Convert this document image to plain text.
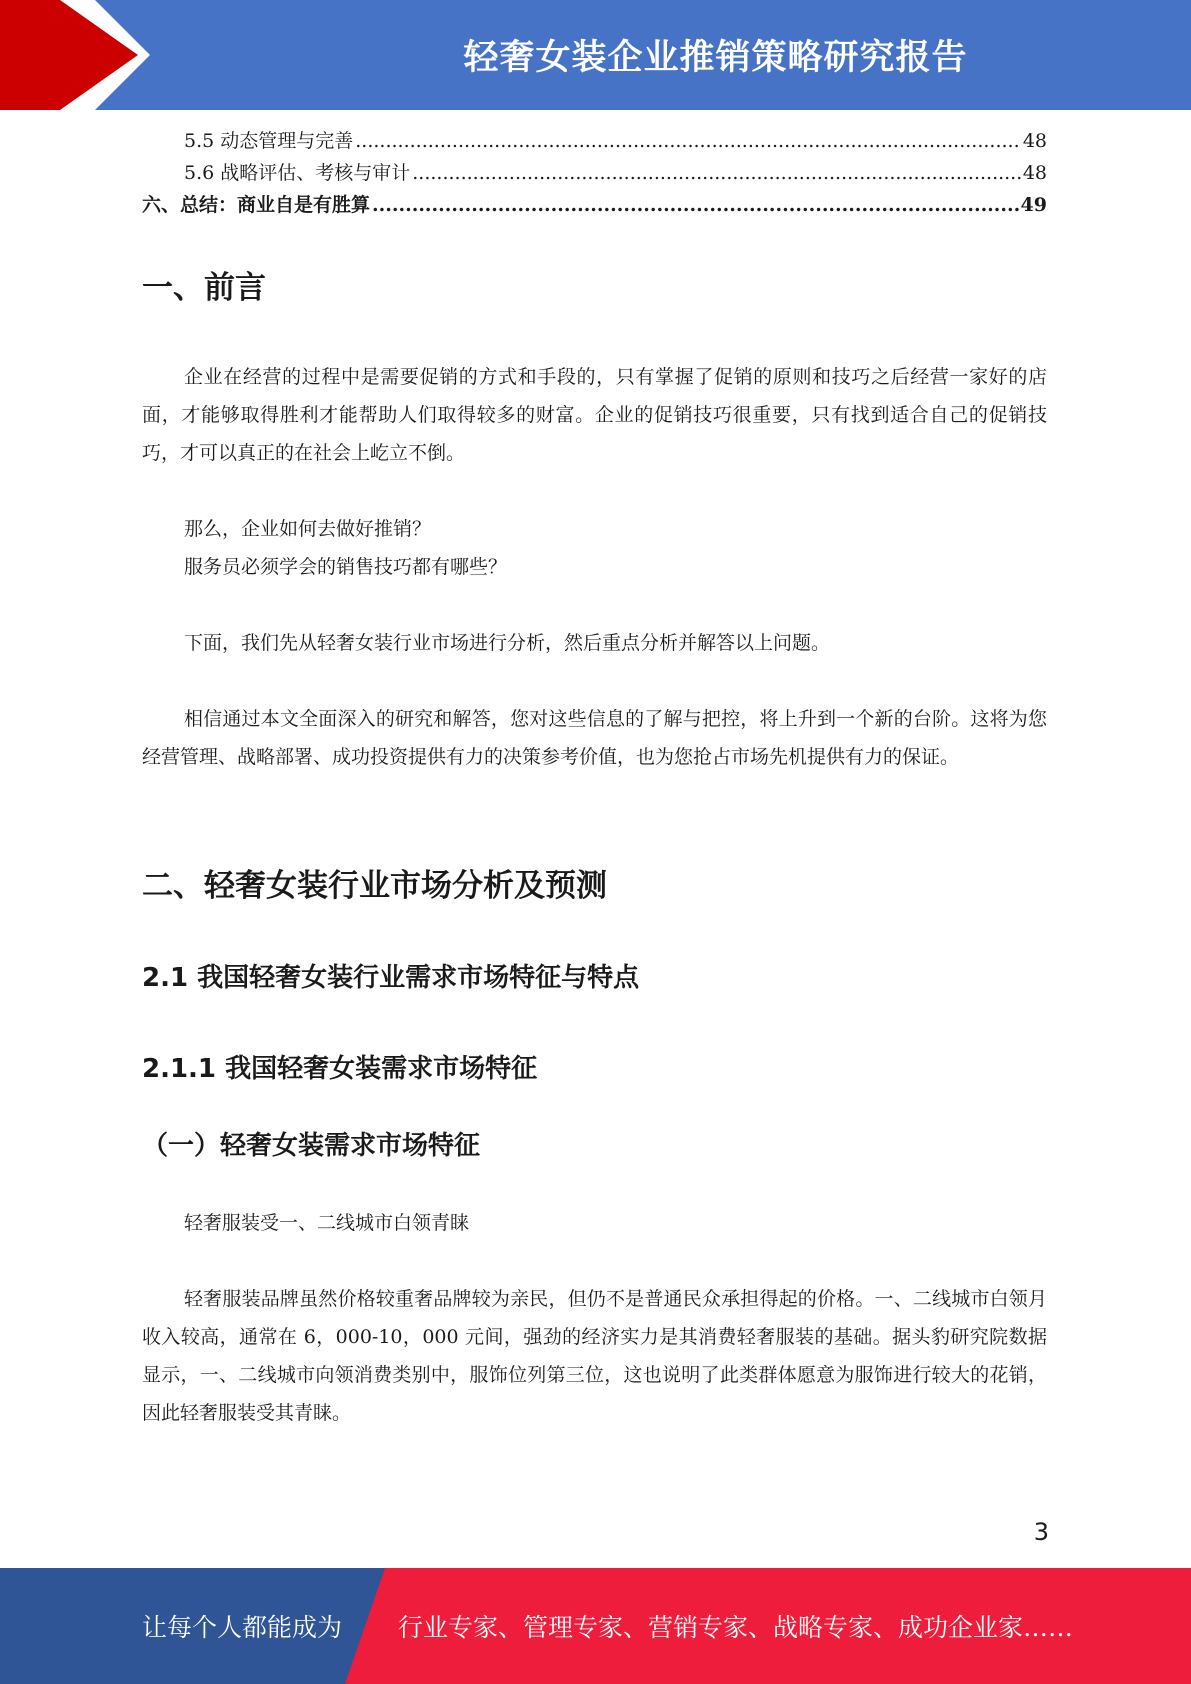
轻奢女装企业推销策略研究报告
5.5 动态管理与完善 .....	48
5.6 战略评估、考核与审计 .....	48
六、总结：商业自是有胜算 .....	49
一、前言

企业在经营的过程中是需要促销的方式和手段的，只有掌握了促销的原则和技巧之后经营一家好的店面，才能够取得胜利才能帮助人们取得较多的财富。企业的促销技巧很重要，只有找到适合自己的促销技巧，才可以真正的在社会上屹立不倒。

那么，企业如何去做好推销？

服务员必须学会的销售技巧都有哪些？

下面，我们先从轻奢女装行业市场进行分析，然后重点分析并解答以上问题。

相信通过本文全面深入的研究和解答，您对这些信息的了解与把控，将上升到一个新的台阶。这将为您经营管理、战略部署、成功投资提供有力的决策参考价值，也为您抢占市场先机提供有力的保证。

二、轻奢女装行业市场分析及预测
2.1 我国轻奢女装行业需求市场特征与特点
2.1.1 我国轻奢女装需求市场特征
（一）轻奢女装需求市场特征

轻奢服装受一、二线城市白领青睐

轻奢服装品牌虽然价格较重奢品牌较为亲民，但仍不是普通民众承担得起的价格。一、二线城市白领月收入较高，通常在 6，000-10，000 元间，强劲的经济实力是其消费轻奢服装的基础。据头豹研究院数据显示，一、二线城市向领消费类别中，服饰位列第三位，这也说明了此类群体愿意为服饰进行较大的花销，因此轻奢服装受其青睐。

3
让每个人都能成为 行业专家、管理专家、营销专家、战略专家、成功企业家……
